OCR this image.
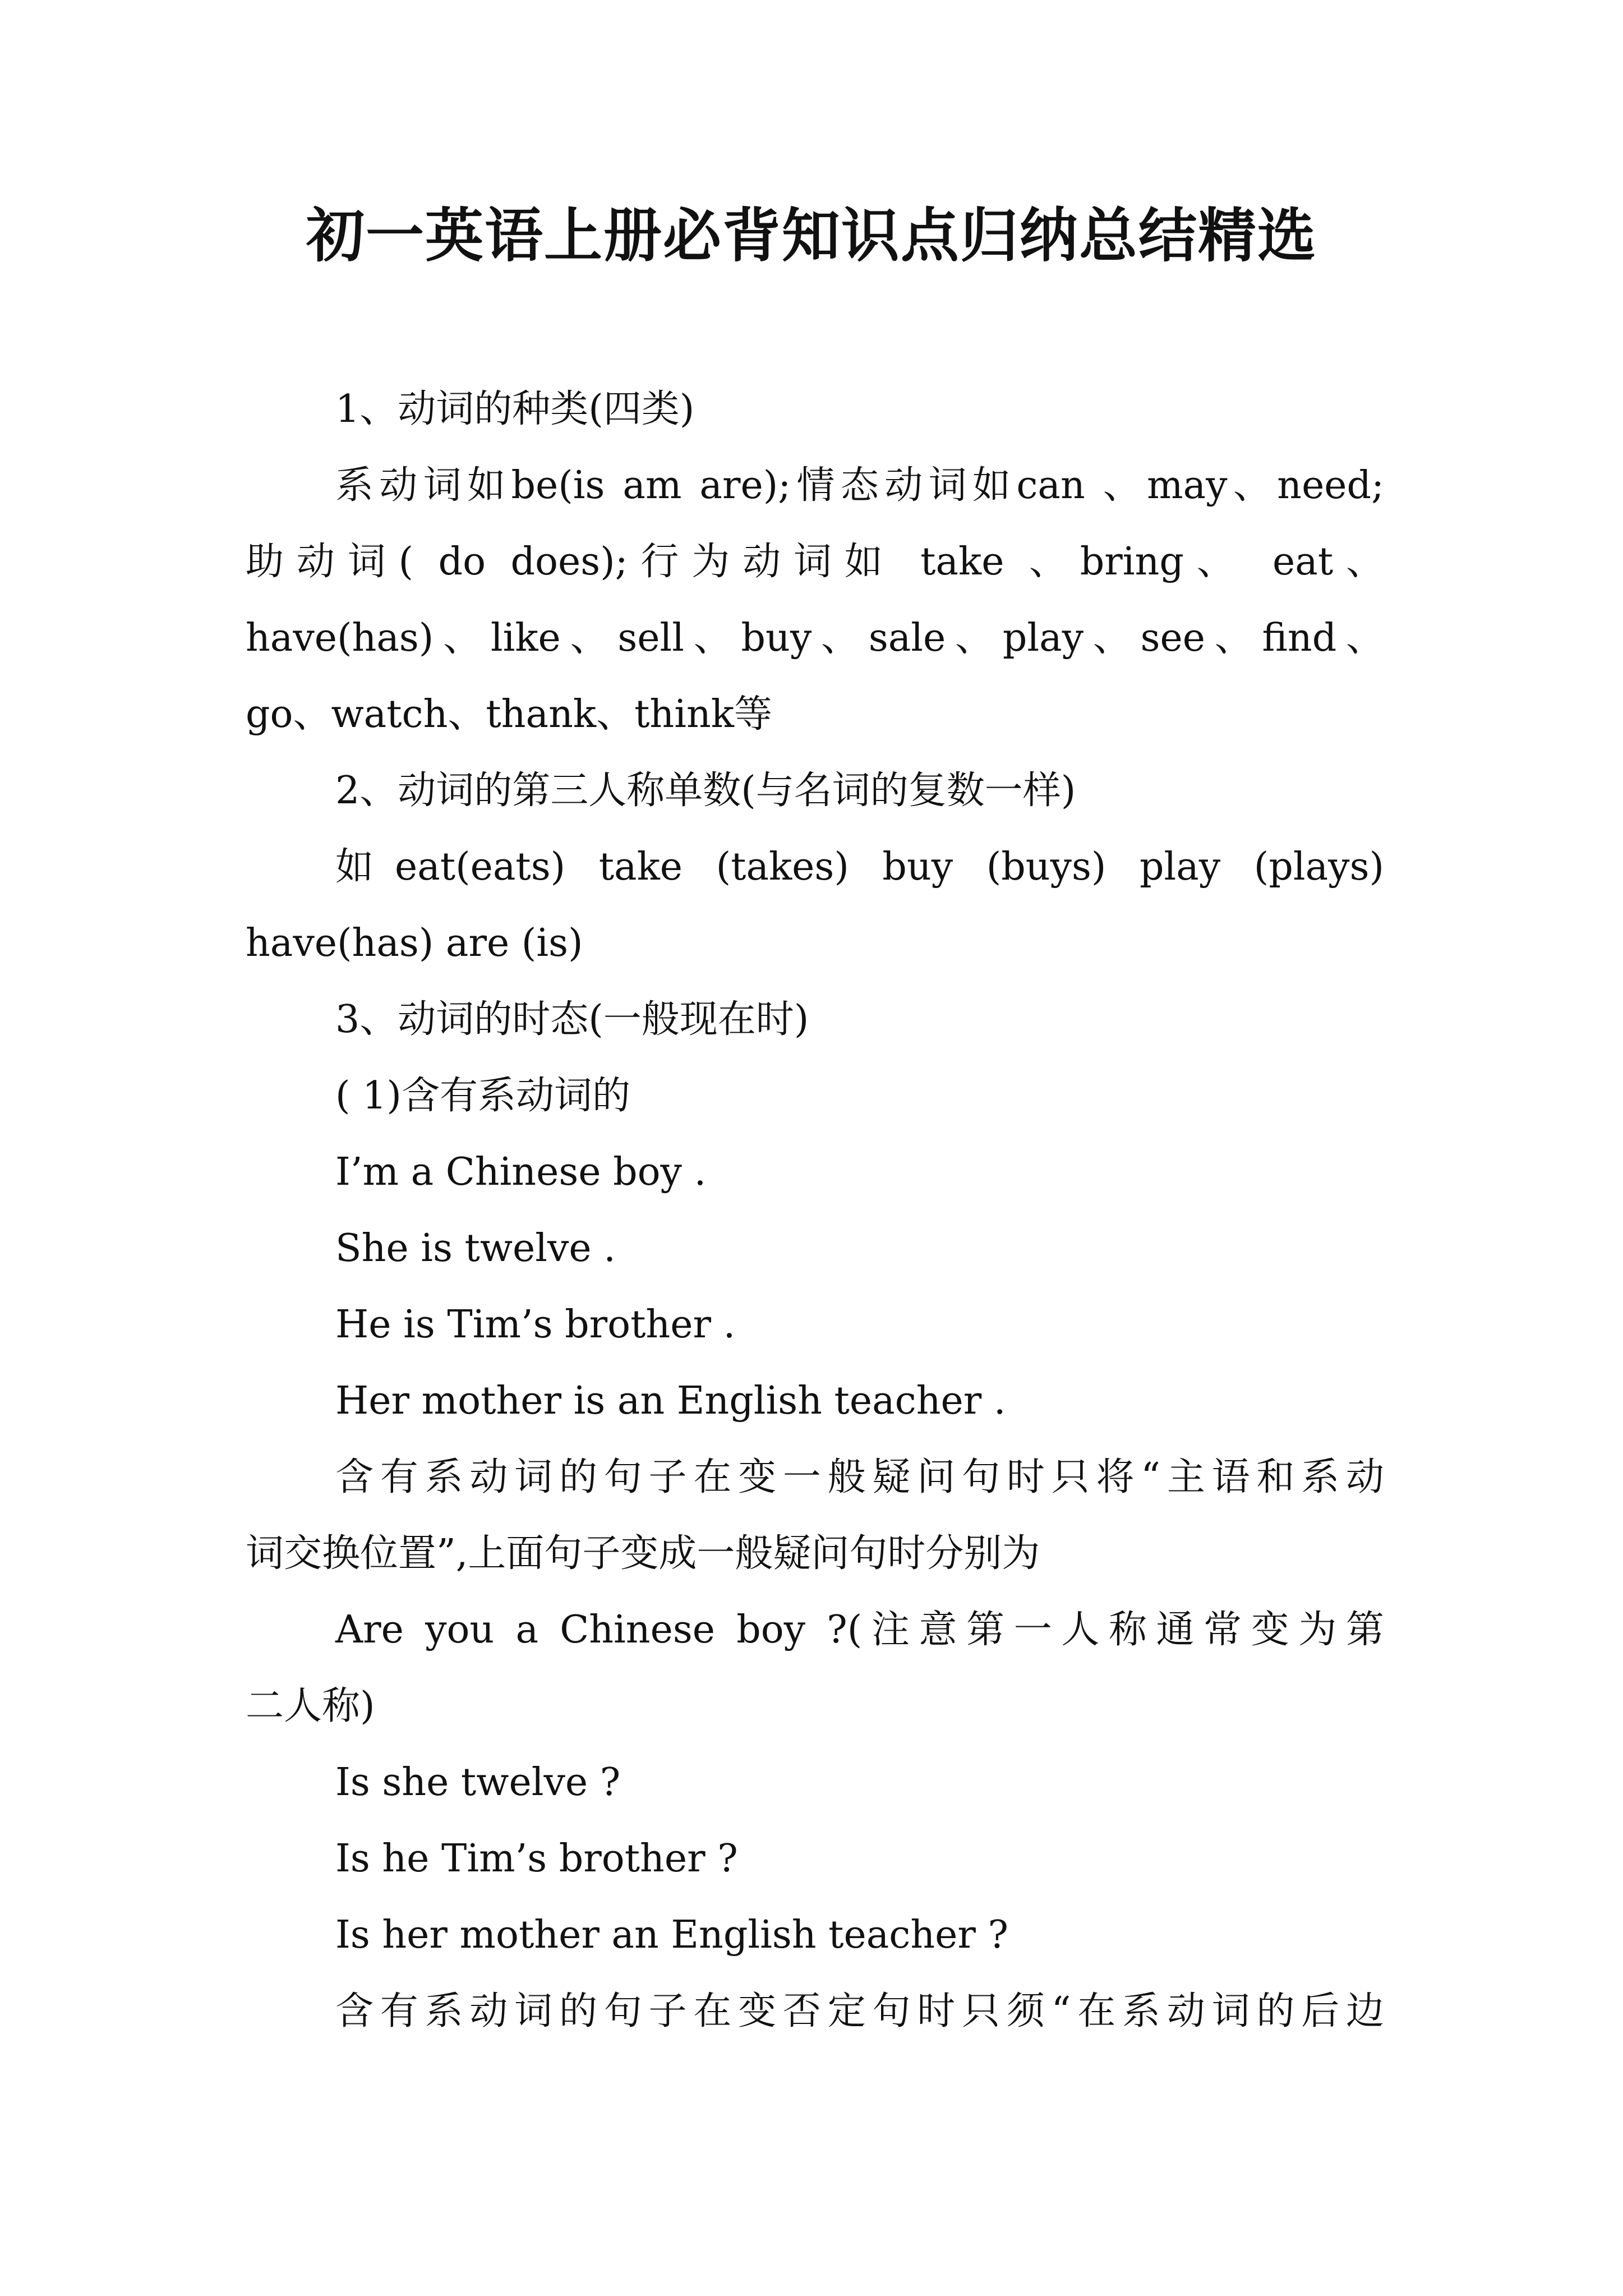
初一英语上册必背知识点归纳总结精选

1、动词的种类(四类)

系动词如be(is am are);情态动词如can 、may、need;

助动词( do does);行为动词如 take 、bring、 eat、

have(has)、like、sell、buy、sale、play、see、find、

go、watch、thank、think等

2、动词的第三人称单数(与名词的复数一样)

如eat(eats) take (takes) buy (buys) play (plays)

have(has) are (is)

3、动词的时态(一般现在时)

( 1)含有系动词的

I’m a Chinese boy .

She is twelve .

He is Tim’s brother .

Her mother is an English teacher .

含有系动词的句子在变一般疑问句时只将“主语和系动

词交换位置”,上面句子变成一般疑问句时分别为

Are you a Chinese boy ?(注意第一人称通常变为第

二人称)

Is she twelve ?

Is he Tim’s brother ?

Is her mother an English teacher ?

含有系动词的句子在变否定句时只须“在系动词的后边
